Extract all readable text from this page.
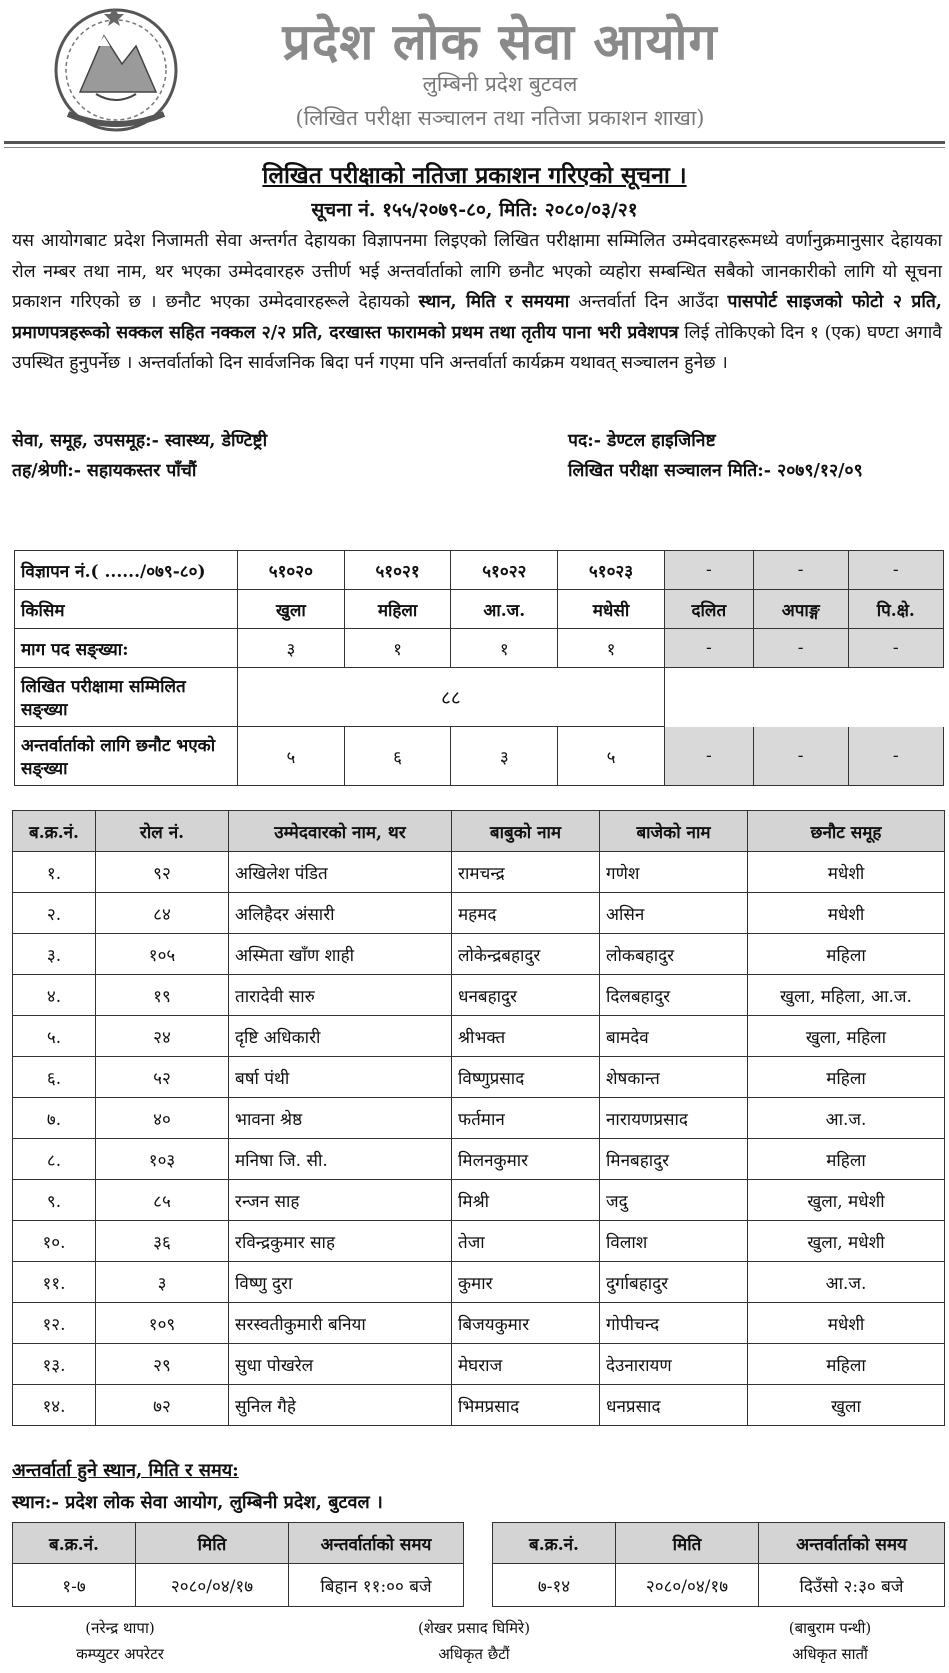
प्रदेश लोक सेवा आयोग
लुम्बिनी प्रदेश बुटवल
(लिखित परीक्षा सञ्चालन तथा नतिजा प्रकाशन शाखा)
लिखित परीक्षाको नतिजा प्रकाशन गरिएको सूचना ।
सूचना नं. १५५/२०७९-८०, मिति: २०८०/०३/२१
यस आयोगबाट प्रदेश निजामती सेवा अन्तर्गत देहायका विज्ञापनमा लिइएको लिखित परीक्षामा सम्मिलित उम्मेदवारहरूमध्ये वर्णानुक्रमानुसार देहायका रोल नम्बर तथा नाम, थर भएका उम्मेदवारहरु उत्तीर्ण भई अन्तर्वार्ताको लागि छनौट भएको व्यहोरा सम्बन्धित सबैको जानकारीको लागि यो सूचना प्रकाशन गरिएको छ । छनौट भएका उम्मेदवारहरूले देहायको स्थान, मिति र समयमा अन्तर्वार्ता दिन आउँदा पासपोर्ट साइजको फोटो २ प्रति, प्रमाणपत्रहरूको सक्कल सहित नक्कल २/२ प्रति, दरखास्त फारामको प्रथम तथा तृतीय पाना भरी प्रवेशपत्र लिई तोकिएको दिन १ (एक) घण्टा अगावै उपस्थित हुनुपर्नेछ । अन्तर्वार्ताको दिन सार्वजनिक बिदा पर्न गएमा पनि अन्तर्वार्ता कार्यक्रम यथावत् सञ्चालन हुनेछ ।
सेवा, समूह, उपसमूह:- स्वास्थ्य, डेण्टिष्ट्री
तह/श्रेणी:- सहायकस्तर पाँचौं
पद:- डेण्टल हाइजिनिष्ट
लिखित परीक्षा सञ्चालन मिति:- २०७९/१२/०९
विज्ञापन नं.( ....../०७९-८०)	५१०२०	५१०२१	५१०२२	५१०२३	-	-	-
किसिम	खुला	महिला	आ.ज.	मधेसी	दलित	अपाङ्ग	पि.क्षे.
माग पद सङ्ख्या:	३	१	१	१	-	-	-
लिखित परीक्षामा सम्मिलित सङ्ख्या	८८						
अन्तर्वार्ताको लागि छनौट भएको सङ्ख्या	५	६	३	५	-	-	-
ब.क्र.नं.	रोल नं.	उम्मेदवारको नाम, थर	बाबुको नाम	बाजेको नाम	छनौट समूह
१.	९२	अखिलेश पंडित	रामचन्द्र	गणेश	मधेशी
२.	८४	अलिहैदर अंसारी	महमद	असिन	मधेशी
३.	१०५	अस्मिता खाँण शाही	लोकेन्द्रबहादुर	लोकबहादुर	महिला
४.	१९	तारादेवी सारु	धनबहादुर	दिलबहादुर	खुला, महिला, आ.ज.
५.	२४	दृष्टि अधिकारी	श्रीभक्त	बामदेव	खुला, महिला
६.	५२	बर्षा पंथी	विष्णुप्रसाद	शेषकान्त	महिला
७.	४०	भावना श्रेष्ठ	फर्तमान	नारायणप्रसाद	आ.ज.
८.	१०३	मनिषा जि. सी.	मिलनकुमार	मिनबहादुर	महिला
९.	८५	रन्जन साह	मिश्री	जदु	खुला, मधेशी
१०.	३६	रविन्द्रकुमार साह	तेजा	विलाश	खुला, मधेशी
११.	३	विष्णु दुरा	कुमार	दुर्गाबहादुर	आ.ज.
१२.	१०९	सरस्वतीकुमारी बनिया	बिजयकुमार	गोपीचन्द	मधेशी
१३.	२९	सुधा पोखरेल	मेघराज	देउनारायण	महिला
१४.	७२	सुनिल गैहे	भिमप्रसाद	धनप्रसाद	खुला
अन्तर्वार्ता हुने स्थान, मिति र समय:
स्थान:- प्रदेश लोक सेवा आयोग, लुम्बिनी प्रदेश, बुटवल ।
ब.क्र.नं.	मिति	अन्तर्वार्ताको समय
१-७	२०८०/०४/१७	बिहान ११:०० बजे
ब.क्र.नं.	मिति	अन्तर्वार्ताको समय
७-१४	२०८०/०४/१७	दिउँसो २:३० बजे
(नरेन्द्र थापा)
कम्प्युटर अपरेटर
(शेखर प्रसाद घिमिरे)
अधिकृत छैटौं
(बाबुराम पन्थी)
अधिकृत सातौं
